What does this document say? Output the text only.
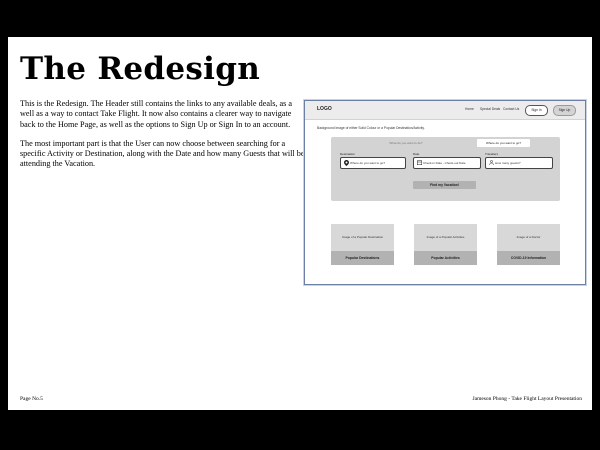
The Redesign

This is the Redesign. The Header still contains the links to any available deals, as a well as a way to contact Take Flight. It now also contains a clearer way to navigate back to the Home Page, as well as the options to Sign Up or Sign In to an account.

The most important part is that the User can now choose between searching for a specific Activity or Destination, along with the Date and how many Guests that will be attending the Vacation.

LOGO	Home Special Deals Contact Us	Sign In	Sign Up
Background Image of either Solid Colour or a Popular Destination/Activity.
What do you want to do?	Where do you want to go?
Destination
Where do you want to go?
Date
Check-in Date - Check-out Date
Travellers
How many guests?
Find my Vacation!
Image of a Popular Destination
Popular Destinations
Image of a Popular Activities
Popular Activities
Image of a Doctor
COVID-19 Information
Page No.5	Jameson Phong - Take Flight Layout Presentation
